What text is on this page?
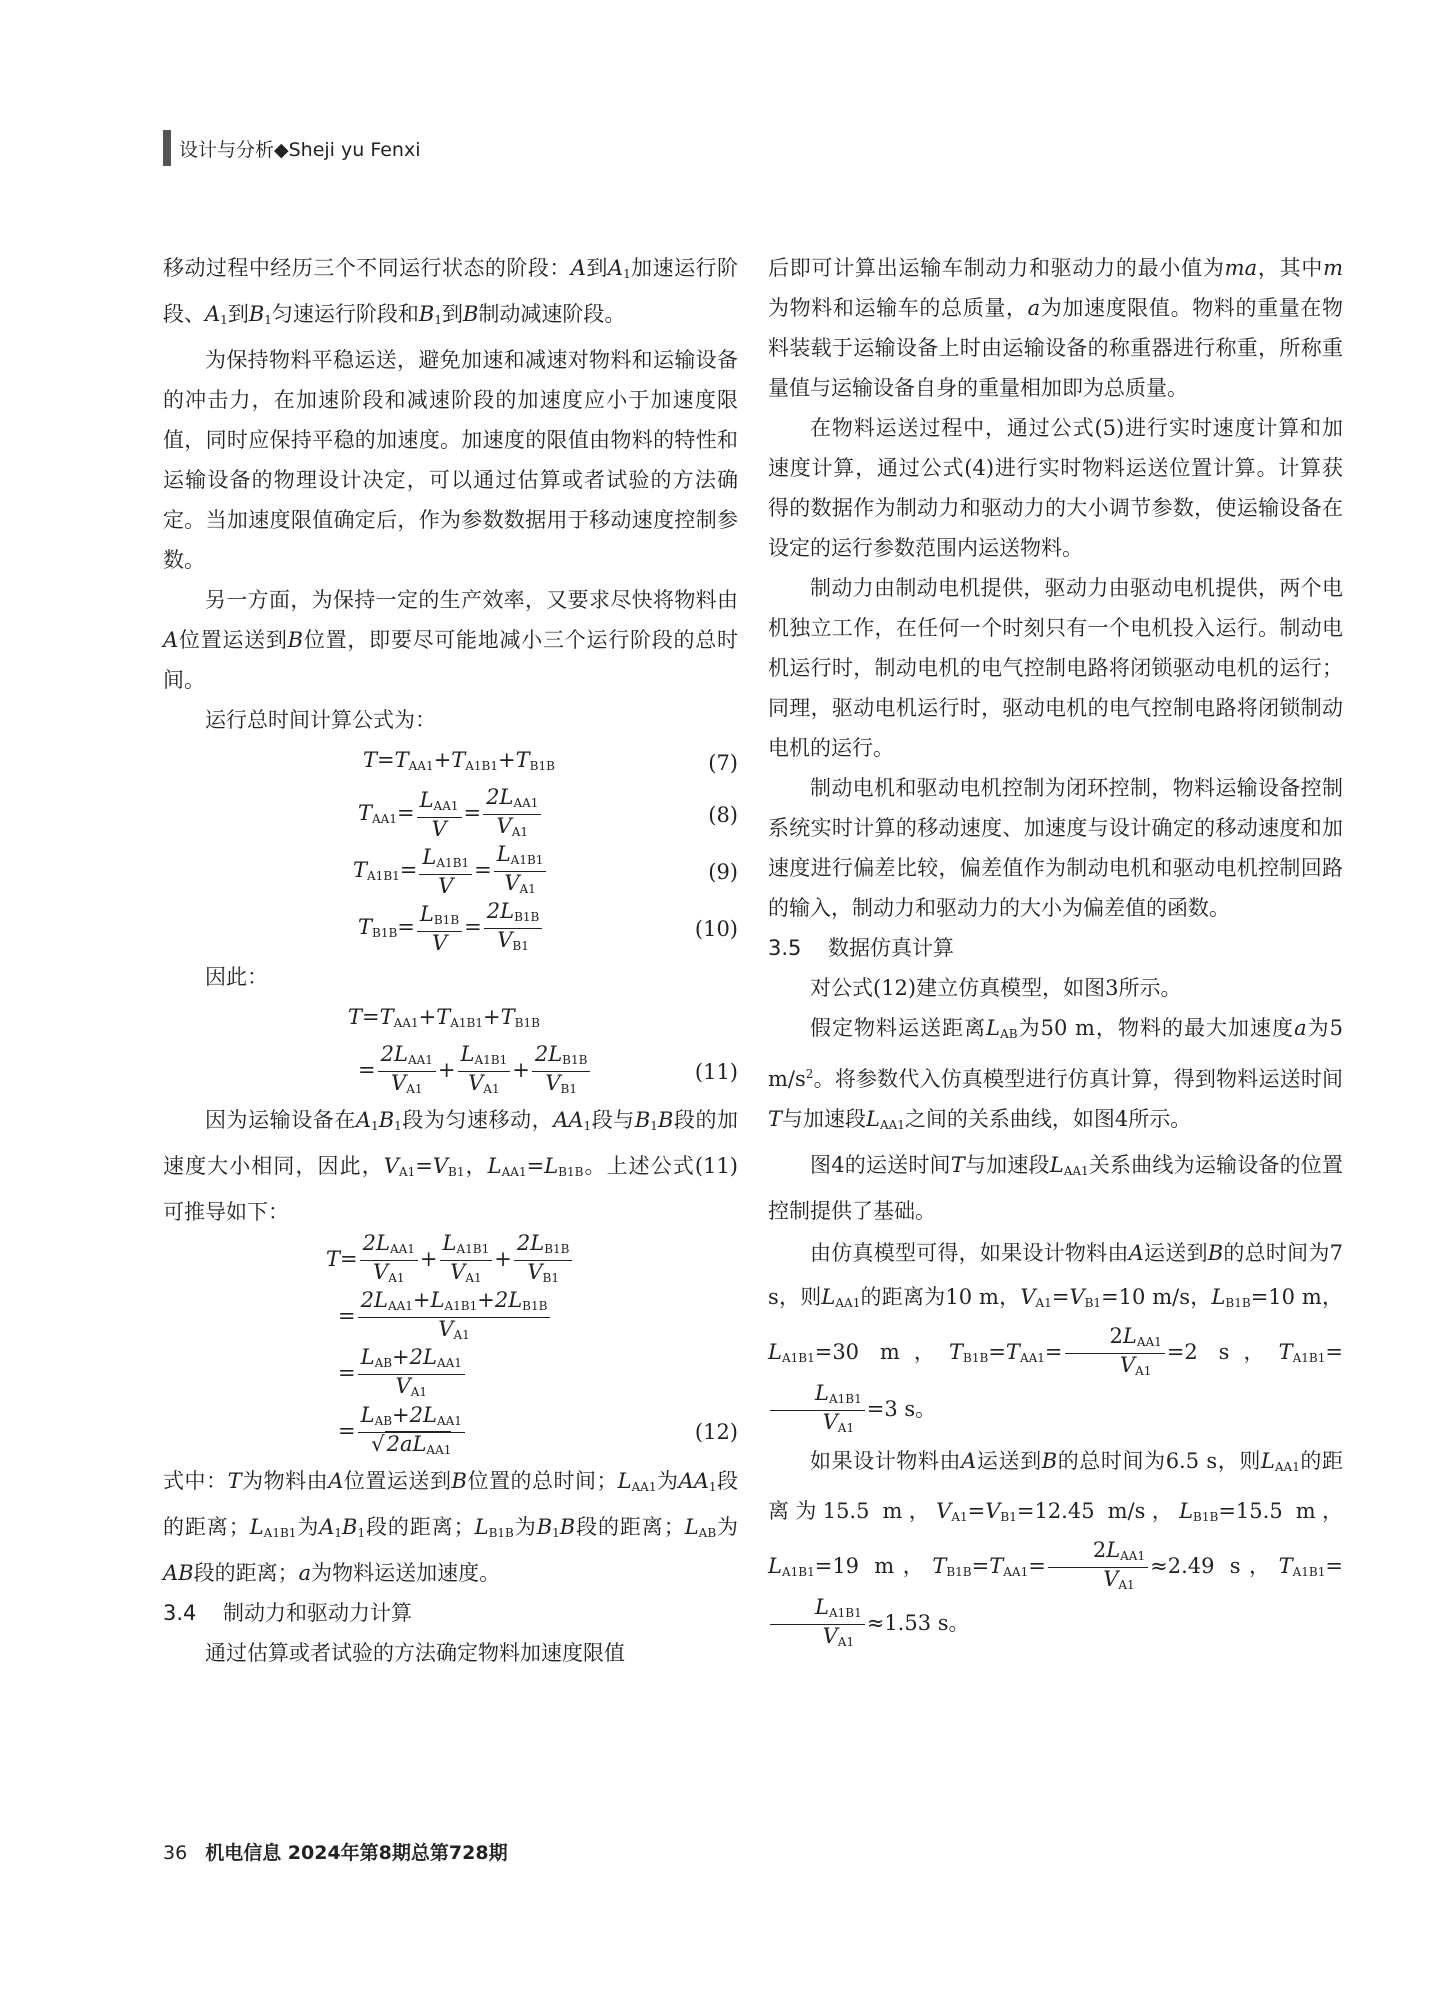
设计与分析◆Sheji yu Fenxi

移动过程中经历三个不同运行状态的阶段：A到$A_1$加速运行阶段、$A_1$到$B_1$匀速运行阶段和$B_1$到B制动减速阶段。

为保持物料平稳运送，避免加速和减速对物料和运输设备的冲击力，在加速阶段和减速阶段的加速度应小于加速度限值，同时应保持平稳的加速度。加速度的限值由物料的特性和运输设备的物理设计决定，可以通过估算或者试验的方法确定。当加速度限值确定后，作为参数数据用于移动速度控制参数。

另一方面，为保持一定的生产效率，又要求尽快将物料由A位置运送到B位置，即要尽可能地减小三个运行阶段的总时间。

运行总时间计算公式为：

$T=T_{AA1}+T_{A1B1}+T_{B1B}$	(7)
$T_{AA1}= \frac{L_{AA1}}{V} = \frac{2L_{AA1}}{V_{A1}}$	(8)
$T_{A1B1}= \frac{L_{A1B1}}{V} = \frac{L_{A1B1}}{V_{A1}}$	(9)
$T_{B1B}= \frac{L_{B1B}}{V} = \frac{2L_{B1B}}{V_{B1}}$	(10)

因此：

$T=T_{AA1}+T_{A1B1}+T_{B1B}$
= $\frac{2L_{AA1}}{V_{A1}} + \frac{L_{A1B1}}{V_{A1}} + \frac{2L_{B1B}}{V_{B1}}$	(11)

因为运输设备在$A_1B_1$段为匀速移动，$AA_1$段与$B_1B$段的加速度大小相同，因此，$V_{A1}=V_{B1}$，$L_{AA1}=L_{B1B}$。上述公式(11)可推导如下：

$T= \frac{2L_{AA1}}{V_{A1}} + \frac{L_{A1B1}}{V_{A1}} + \frac{2L_{B1B}}{V_{B1}}$
= $\frac{2L_{AA1}+L_{A1B1}+2L_{B1B}}{V_{A1}}$
= $\frac{L_{AB}+2L_{AA1}}{V_{A1}}$
= $\frac{L_{AB}+2L_{AA1}}{√2aL_{AA1}}$	(12)

式中：T为物料由A位置运送到B位置的总时间；$L_{AA1}$为$AA_1$段的距离；$L_{A1B1}$为$A_1B_1$段的距离；$L_{B1B}$为$B_1B$段的距离；$L_{AB}$为AB段的距离；a为物料运送加速度。

3.4 制动力和驱动力计算

通过估算或者试验的方法确定物料加速度限值

后即可计算出运输车制动力和驱动力的最小值为ma，其中m为物料和运输车的总质量，a为加速度限值。物料的重量在物料装载于运输设备上时由运输设备的称重器进行称重，所称重量值与运输设备自身的重量相加即为总质量。

在物料运送过程中，通过公式(5)进行实时速度计算和加速度计算，通过公式(4)进行实时物料运送位置计算。计算获得的数据作为制动力和驱动力的大小调节参数，使运输设备在设定的运行参数范围内运送物料。

制动力由制动电机提供，驱动力由驱动电机提供，两个电机独立工作，在任何一个时刻只有一个电机投入运行。制动电机运行时，制动电机的电气控制电路将闭锁驱动电机的运行；同理，驱动电机运行时，驱动电机的电气控制电路将闭锁制动电机的运行。

制动电机和驱动电机控制为闭环控制，物料运输设备控制系统实时计算的移动速度、加速度与设计确定的移动速度和加速度进行偏差比较，偏差值作为制动电机和驱动电机控制回路的输入，制动力和驱动力的大小为偏差值的函数。

3.5 数据仿真计算

对公式(12)建立仿真模型，如图3所示。

假定物料运送距离$L_{AB}$为50 m，物料的最大加速度a为5 $m/s^2$。将参数代入仿真模型进行仿真计算，得到物料运送时间T与加速段$L_{AA1}$之间的关系曲线，如图4所示。

图4的运送时间T与加速段$L_{AA1}$关系曲线为运输设备的位置控制提供了基础。

由仿真模型可得，如果设计物料由A运送到B的总时间为7 s，则$L_{AA1}$的距离为10 m，$V_{A1}=V_{B1}=10$ m/s，$L_{B1B}=10$ m，$L_{A1B1}=30$ m，$T_{B1B}=T_{AA1}= \frac{2L_{AA1}}{V_{A1}} =2$ s，$T_{A1B1}=$
$\frac{L_{A1B1}}{V_{A1}} =3$ s。

如果设计物料由A运送到B的总时间为6.5 s，则$L_{AA1}$的距离为15.5 m，$V_{A1}=V_{B1}=12.45$ m/s，$L_{B1B}=15.5$ m，$L_{A1B1}=19$ m，$T_{B1B}=T_{AA1}= \frac{2L_{AA1}}{V_{A1}} \approx 2.49$ s，$T_{A1B1}=$
$\frac{L_{A1B1}}{V_{A1}} \approx 1.53$ s。

36 机电信息 2024年第8期总第728期
